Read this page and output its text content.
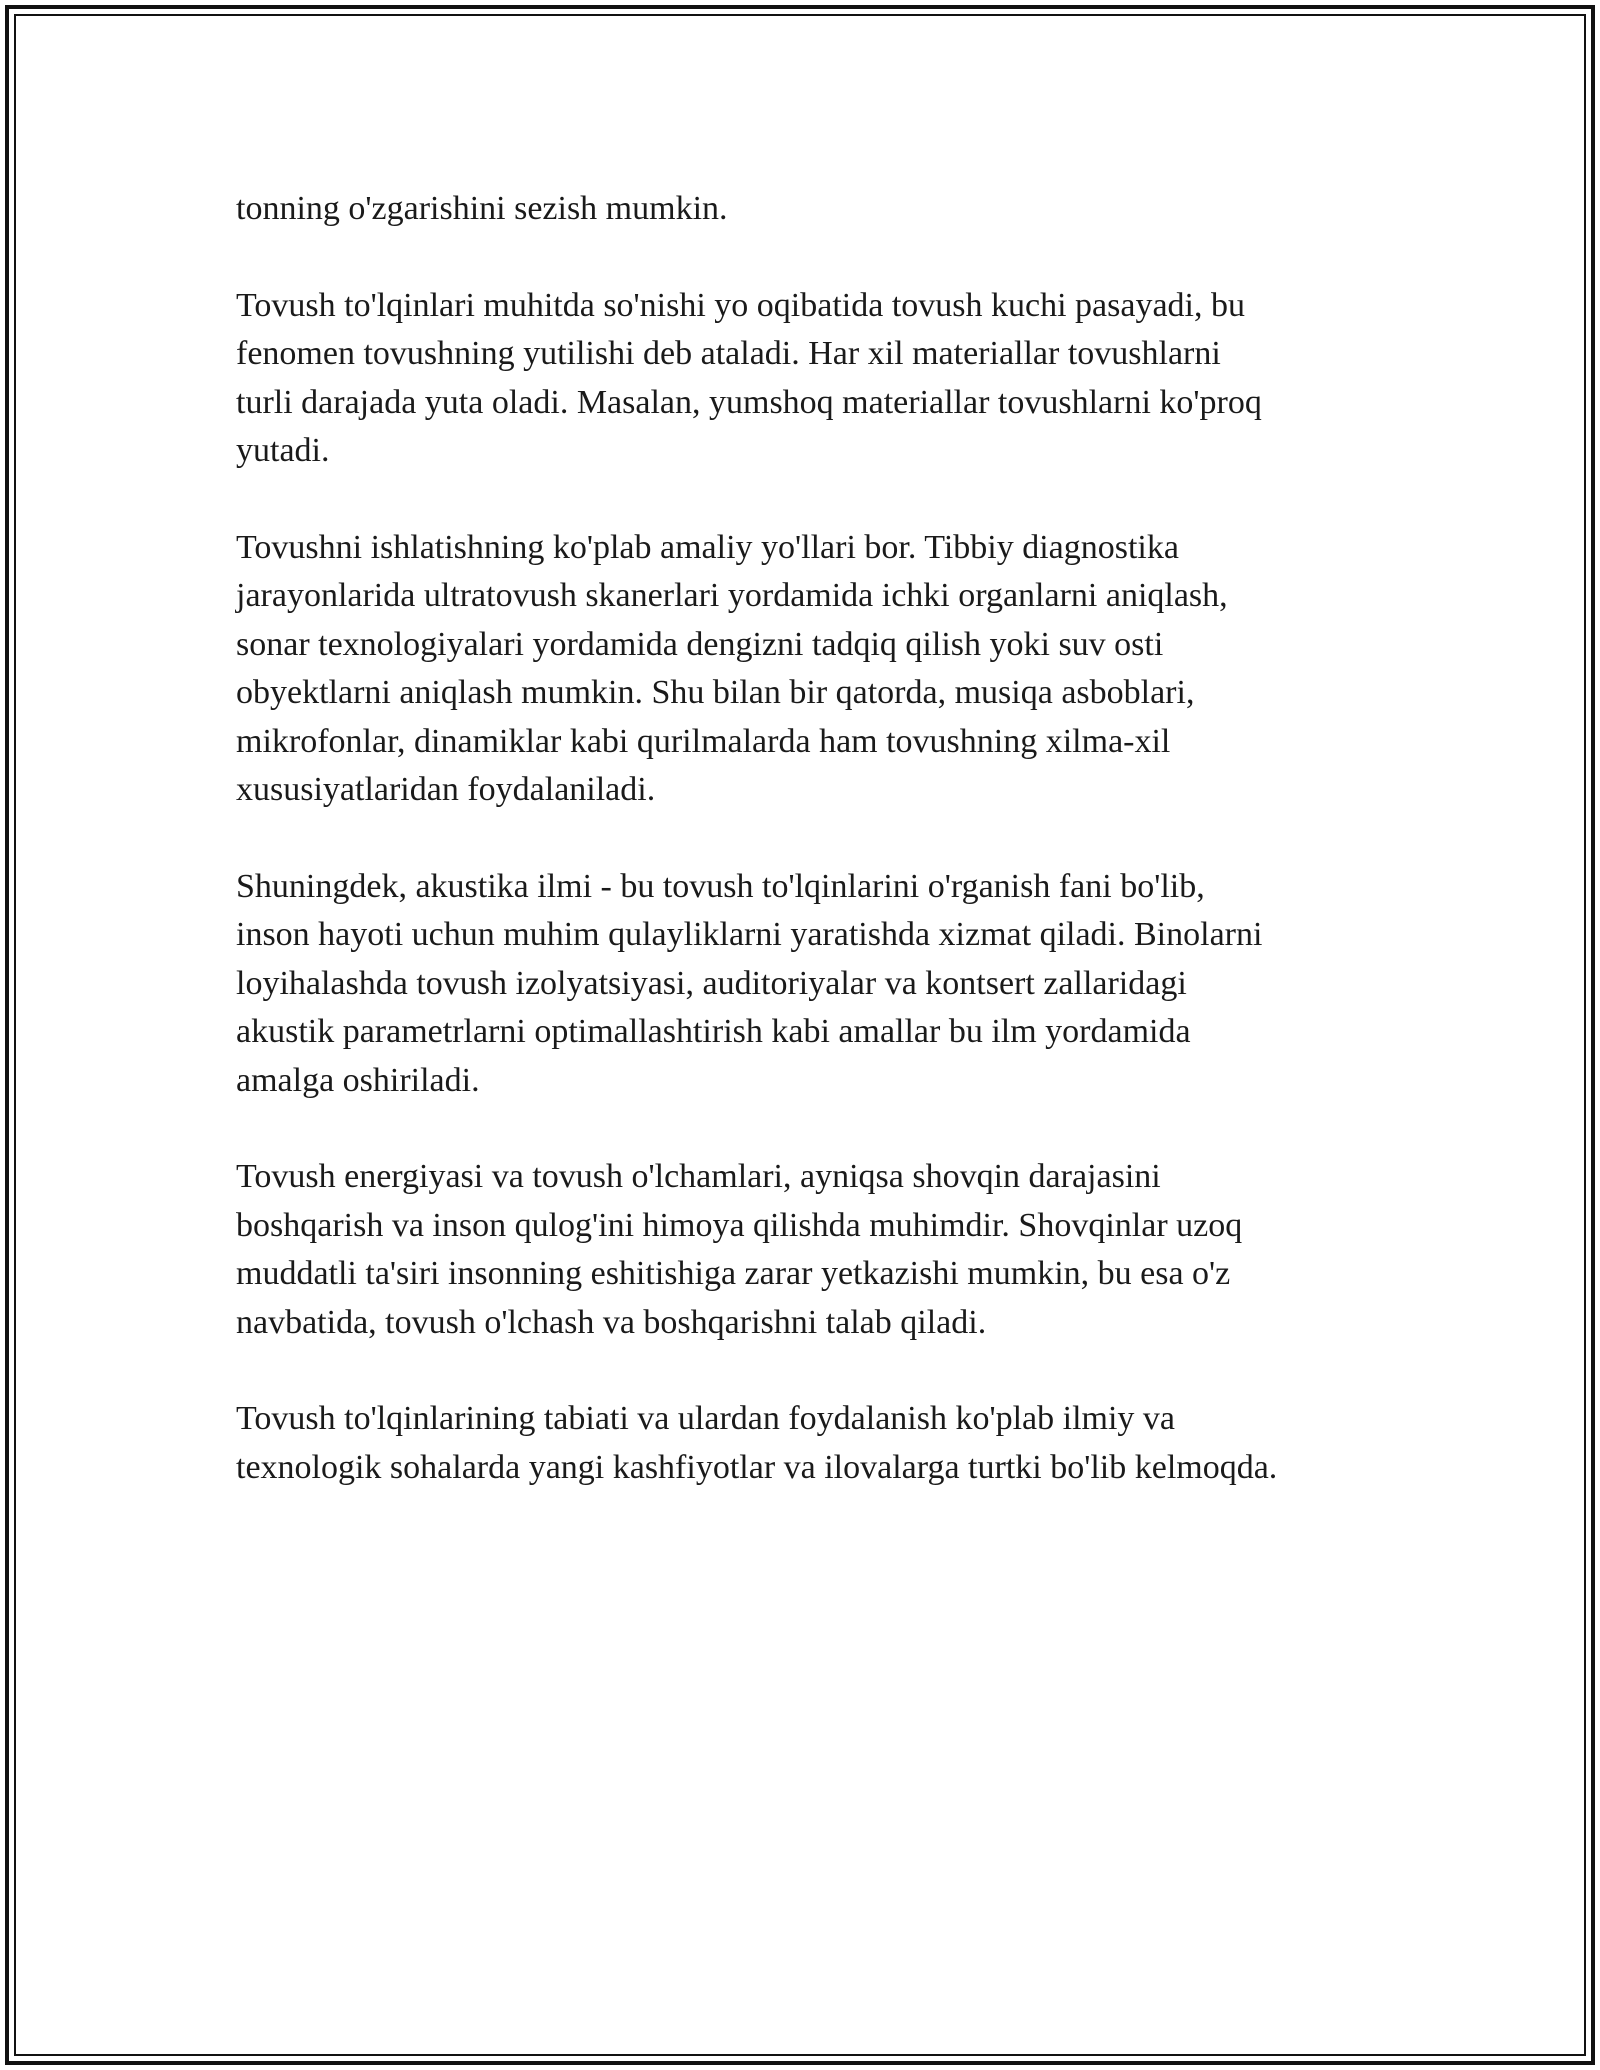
tonning o'zgarishini sezish mumkin.

Tovush to'lqinlari muhitda so'nishi yo oqibatida tovush kuchi pasayadi, bu
fenomen tovushning yutilishi deb ataladi. Har xil materiallar tovushlarni
turli darajada yuta oladi. Masalan, yumshoq materiallar tovushlarni ko'proq
yutadi.

Tovushni ishlatishning ko'plab amaliy yo'llari bor. Tibbiy diagnostika
jarayonlarida ultratovush skanerlari yordamida ichki organlarni aniqlash,
sonar texnologiyalari yordamida dengizni tadqiq qilish yoki suv osti
obyektlarni aniqlash mumkin. Shu bilan bir qatorda, musiqa asboblari,
mikrofonlar, dinamiklar kabi qurilmalarda ham tovushning xilma-xil
xususiyatlaridan foydalaniladi.

Shuningdek, akustika ilmi - bu tovush to'lqinlarini o'rganish fani bo'lib,
inson hayoti uchun muhim qulayliklarni yaratishda xizmat qiladi. Binolarni
loyihalashda tovush izolyatsiyasi, auditoriyalar va kontsert zallaridagi
akustik parametrlarni optimallashtirish kabi amallar bu ilm yordamida
amalga oshiriladi.

Tovush energiyasi va tovush o'lchamlari, ayniqsa shovqin darajasini
boshqarish va inson qulog'ini himoya qilishda muhimdir. Shovqinlar uzoq
muddatli ta'siri insonning eshitishiga zarar yetkazishi mumkin, bu esa o'z
navbatida, tovush o'lchash va boshqarishni talab qiladi.

Tovush to'lqinlarining tabiati va ulardan foydalanish ko'plab ilmiy va
texnologik sohalarda yangi kashfiyotlar va ilovalarga turtki bo'lib kelmoqda.
